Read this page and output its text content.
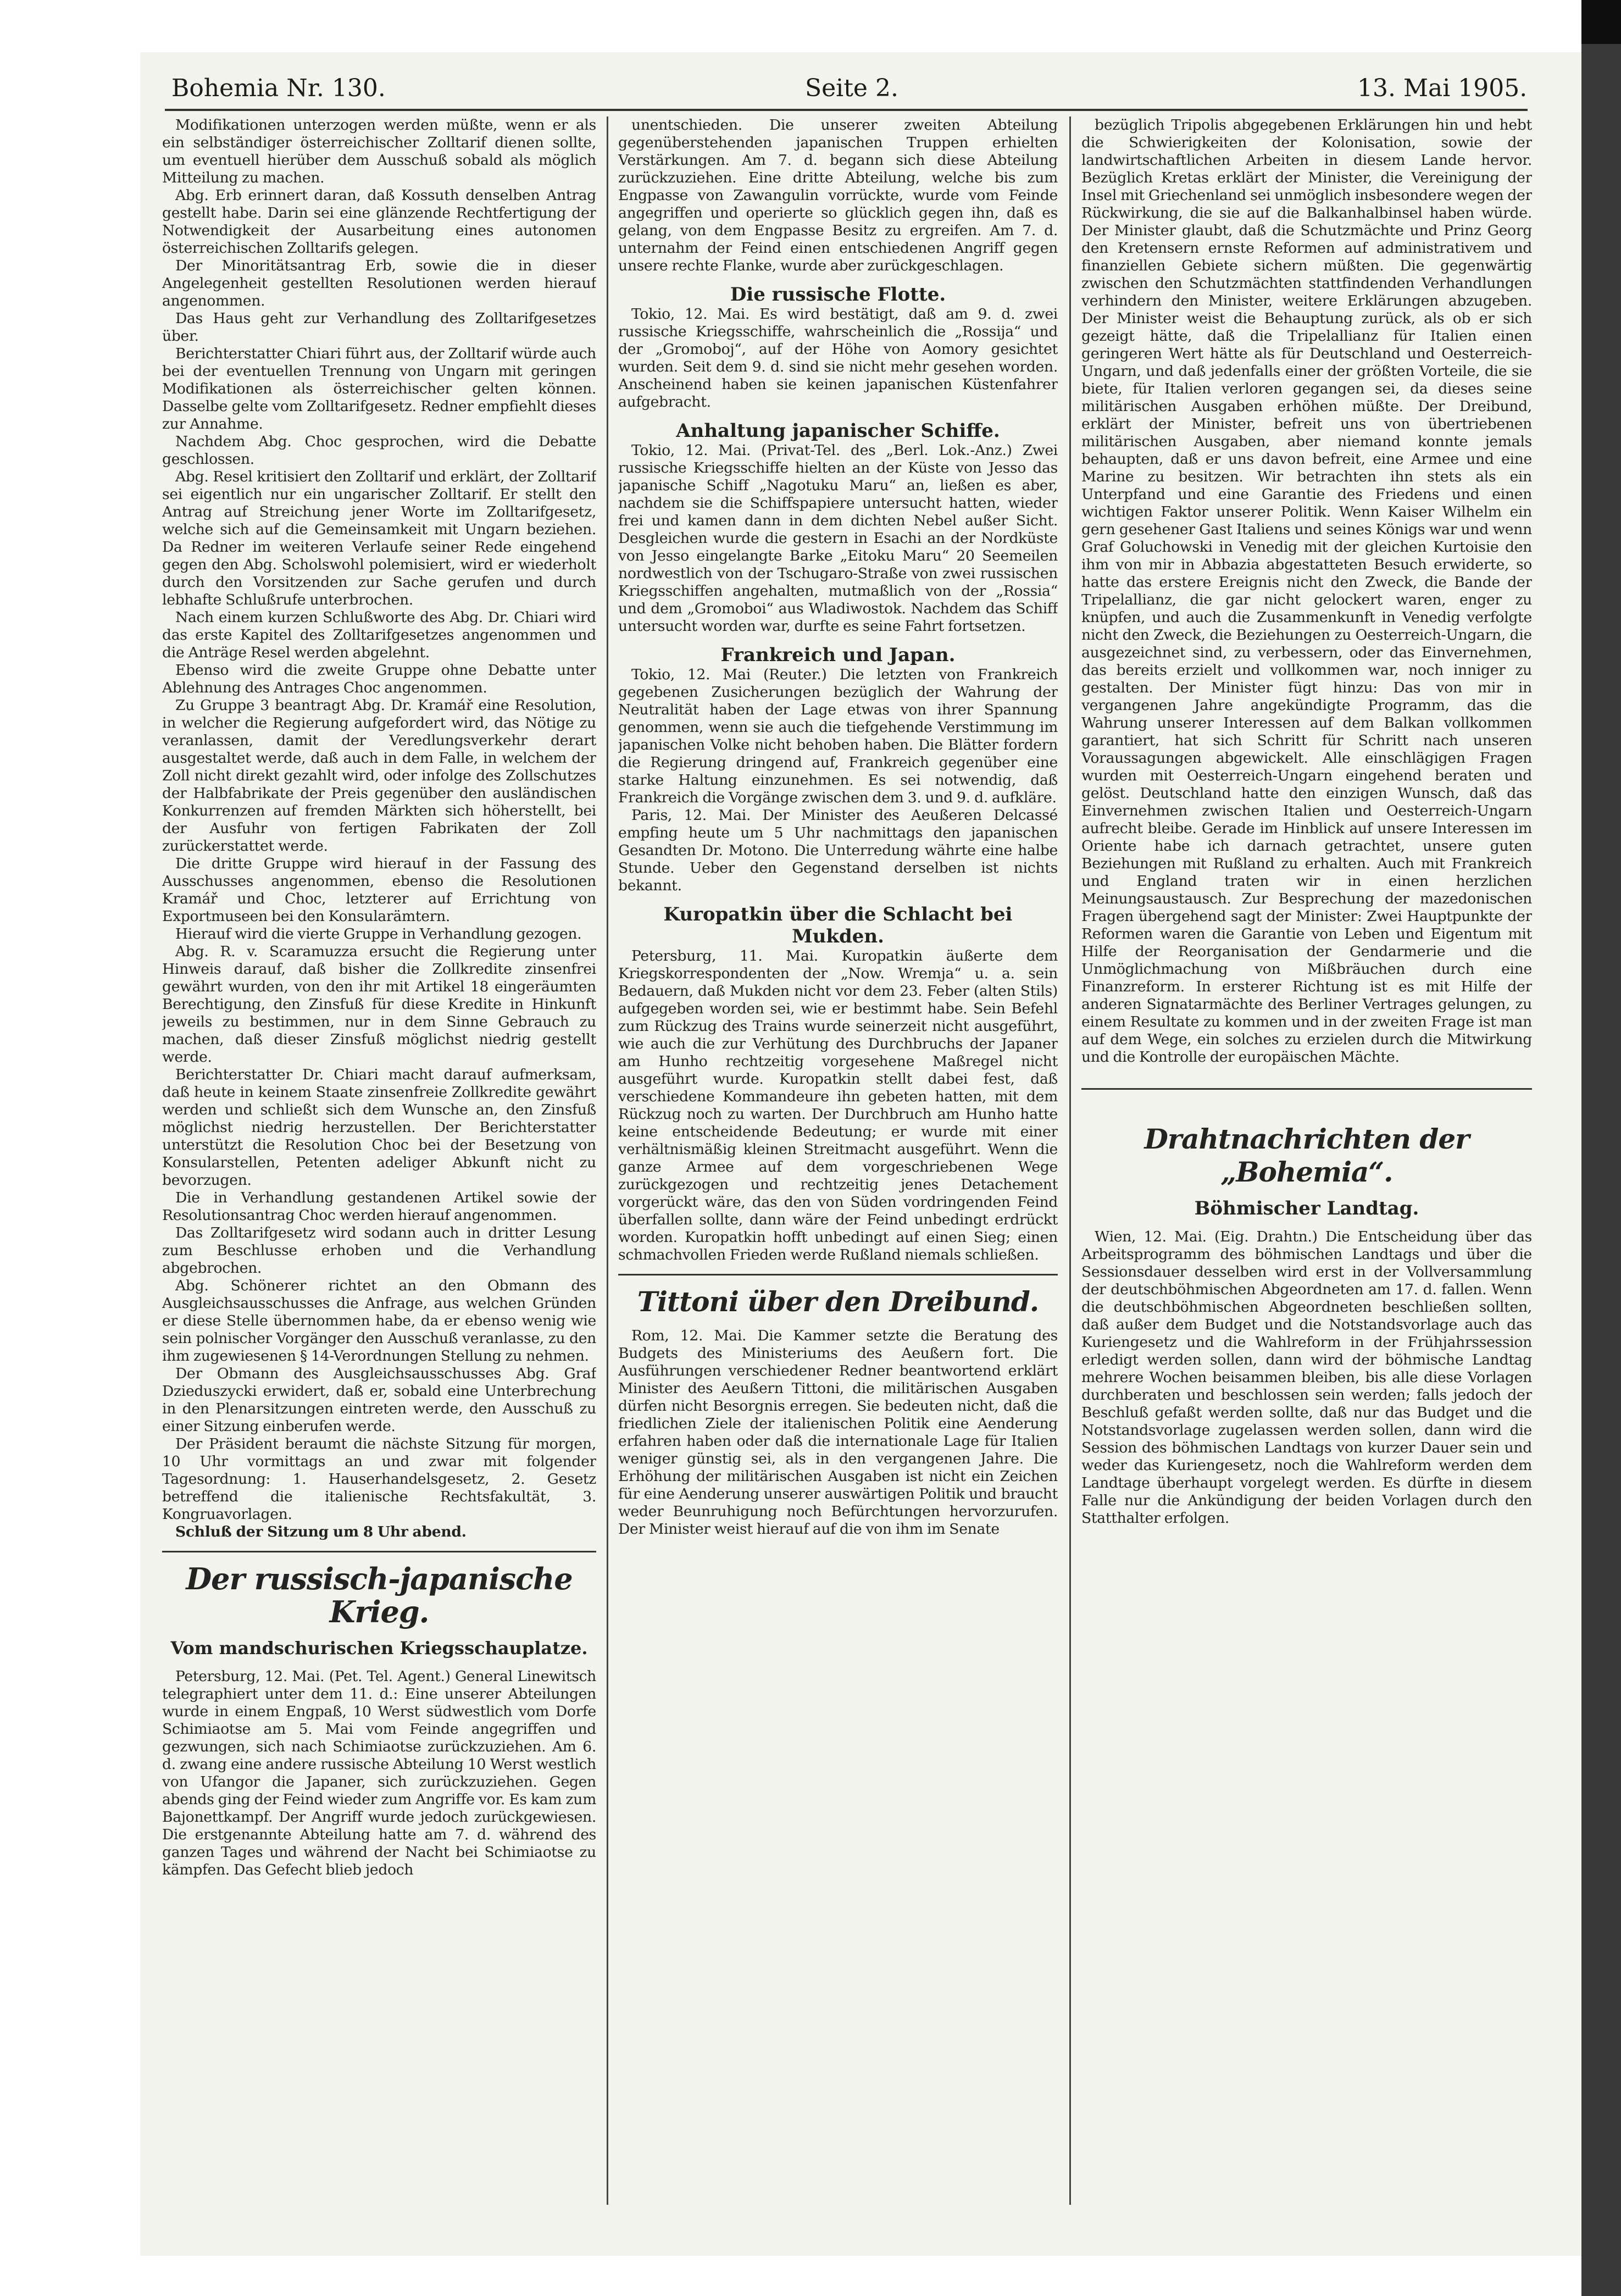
Bohemia Nr. 130.	Seite 2.	13. Mai 1905.

Modifikationen unterzogen werden müßte, wenn er als ein selbständiger österreichischer Zolltarif dienen sollte, um eventuell hierüber dem Ausschuß sobald als möglich Mitteilung zu machen.

Abg. Erb erinnert daran, daß Kossuth denselben Antrag gestellt habe. Darin sei eine glänzende Rechtfertigung der Notwendigkeit der Ausarbeitung eines autonomen österreichischen Zolltarifs gelegen.

Der Minoritätsantrag Erb, sowie die in dieser Angelegenheit gestellten Resolutionen werden hierauf angenommen.

Das Haus geht zur Verhandlung des Zolltarifgesetzes über.

Berichterstatter Chiari führt aus, der Zolltarif würde auch bei der eventuellen Trennung von Ungarn mit geringen Modifikationen als österreichischer gelten können. Dasselbe gelte vom Zolltarifgesetz. Redner empfiehlt dieses zur Annahme.

Nachdem Abg. Choc gesprochen, wird die Debatte geschlossen.

Abg. Resel kritisiert den Zolltarif und erklärt, der Zolltarif sei eigentlich nur ein ungarischer Zolltarif. Er stellt den Antrag auf Streichung jener Worte im Zolltarifgesetz, welche sich auf die Gemeinsamkeit mit Ungarn beziehen. Da Redner im weiteren Verlaufe seiner Rede eingehend gegen den Abg. Scholswohl polemisiert, wird er wiederholt durch den Vorsitzenden zur Sache gerufen und durch lebhafte Schlußrufe unterbrochen.

Nach einem kurzen Schlußworte des Abg. Dr. Chiari wird das erste Kapitel des Zolltarifgesetzes angenommen und die Anträge Resel werden abgelehnt.

Ebenso wird die zweite Gruppe ohne Debatte unter Ablehnung des Antrages Choc angenommen.

Zu Gruppe 3 beantragt Abg. Dr. Kramář eine Resolution, in welcher die Regierung aufgefordert wird, das Nötige zu veranlassen, damit der Veredlungsverkehr derart ausgestaltet werde, daß auch in dem Falle, in welchem der Zoll nicht direkt gezahlt wird, oder infolge des Zollschutzes der Halbfabrikate der Preis gegenüber den ausländischen Konkurrenzen auf fremden Märkten sich höherstellt, bei der Ausfuhr von fertigen Fabrikaten der Zoll zurückerstattet werde.

Die dritte Gruppe wird hierauf in der Fassung des Ausschusses angenommen, ebenso die Resolutionen Kramář und Choc, letzterer auf Errichtung von Exportmuseen bei den Konsularämtern.

Hierauf wird die vierte Gruppe in Verhandlung gezogen.

Abg. R. v. Scaramuzza ersucht die Regierung unter Hinweis darauf, daß bisher die Zollkredite zinsenfrei gewährt wurden, von den ihr mit Artikel 18 eingeräumten Berechtigung, den Zinsfuß für diese Kredite in Hinkunft jeweils zu bestimmen, nur in dem Sinne Gebrauch zu machen, daß dieser Zinsfuß möglichst niedrig gestellt werde.

Berichterstatter Dr. Chiari macht darauf aufmerksam, daß heute in keinem Staate zinsenfreie Zollkredite gewährt werden und schließt sich dem Wunsche an, den Zinsfuß möglichst niedrig herzustellen. Der Berichterstatter unterstützt die Resolution Choc bei der Besetzung von Konsularstellen, Petenten adeliger Abkunft nicht zu bevorzugen.

Die in Verhandlung gestandenen Artikel sowie der Resolutionsantrag Choc werden hierauf angenommen.

Das Zolltarifgesetz wird sodann auch in dritter Lesung zum Beschlusse erhoben und die Verhandlung abgebrochen.

Abg. Schönerer richtet an den Obmann des Ausgleichsausschusses die Anfrage, aus welchen Gründen er diese Stelle übernommen habe, da er ebenso wenig wie sein polnischer Vorgänger den Ausschuß veranlasse, zu den ihm zugewiesenen § 14-Verordnungen Stellung zu nehmen.

Der Obmann des Ausgleichsausschusses Abg. Graf Dzieduszycki erwidert, daß er, sobald eine Unterbrechung in den Plenarsitzungen eintreten werde, den Ausschuß zu einer Sitzung einberufen werde.

Der Präsident beraumt die nächste Sitzung für morgen, 10 Uhr vormittags an und zwar mit folgender Tagesordnung: 1. Hauserhandelsgesetz, 2. Gesetz betreffend die italienische Rechtsfakultät, 3. Kongruavorlagen.

Schluß der Sitzung um 8 Uhr abend.

Der russisch-japanische Krieg.
Vom mandschurischen Kriegsschauplatze.

Petersburg, 12. Mai. (Pet. Tel. Agent.) General Linewitsch telegraphiert unter dem 11. d.: Eine unserer Abteilungen wurde in einem Engpaß, 10 Werst südwestlich vom Dorfe Schimiaotse am 5. Mai vom Feinde angegriffen und gezwungen, sich nach Schimiaotse zurückzuziehen. Am 6. d. zwang eine andere russische Abteilung 10 Werst westlich von Ufangor die Japaner, sich zurückzuziehen. Gegen abends ging der Feind wieder zum Angriffe vor. Es kam zum Bajonettkampf. Der Angriff wurde jedoch zurückgewiesen. Die erstgenannte Abteilung hatte am 7. d. während des ganzen Tages und während der Nacht bei Schimiaotse zu kämpfen. Das Gefecht blieb jedoch

unentschieden. Die unserer zweiten Abteilung gegenüberstehenden japanischen Truppen erhielten Verstärkungen. Am 7. d. begann sich diese Abteilung zurückzuziehen. Eine dritte Abteilung, welche bis zum Engpasse von Zawangulin vorrückte, wurde vom Feinde angegriffen und operierte so glücklich gegen ihn, daß es gelang, von dem Engpasse Besitz zu ergreifen. Am 7. d. unternahm der Feind einen entschiedenen Angriff gegen unsere rechte Flanke, wurde aber zurückgeschlagen.

Die russische Flotte.

Tokio, 12. Mai. Es wird bestätigt, daß am 9. d. zwei russische Kriegsschiffe, wahrscheinlich die „Rossija“ und der „Gromoboj“, auf der Höhe von Aomory gesichtet wurden. Seit dem 9. d. sind sie nicht mehr gesehen worden. Anscheinend haben sie keinen japanischen Küstenfahrer aufgebracht.

Anhaltung japanischer Schiffe.

Tokio, 12. Mai. (Privat-Tel. des „Berl. Lok.-Anz.) Zwei russische Kriegsschiffe hielten an der Küste von Jesso das japanische Schiff „Nagotuku Maru“ an, ließen es aber, nachdem sie die Schiffspapiere untersucht hatten, wieder frei und kamen dann in dem dichten Nebel außer Sicht. Desgleichen wurde die gestern in Esachi an der Nordküste von Jesso eingelangte Barke „Eitoku Maru“ 20 Seemeilen nordwestlich von der Tschugaro-Straße von zwei russischen Kriegsschiffen angehalten, mutmaßlich von der „Rossia“ und dem „Gromoboi“ aus Wladiwostok. Nachdem das Schiff untersucht worden war, durfte es seine Fahrt fortsetzen.

Frankreich und Japan.

Tokio, 12. Mai (Reuter.) Die letzten von Frankreich gegebenen Zusicherungen bezüglich der Wahrung der Neutralität haben der Lage etwas von ihrer Spannung genommen, wenn sie auch die tiefgehende Verstimmung im japanischen Volke nicht behoben haben. Die Blätter fordern die Regierung dringend auf, Frankreich gegenüber eine starke Haltung einzunehmen. Es sei notwendig, daß Frankreich die Vorgänge zwischen dem 3. und 9. d. aufkläre.

Paris, 12. Mai. Der Minister des Aeußeren Delcassé empfing heute um 5 Uhr nachmittags den japanischen Gesandten Dr. Motono. Die Unterredung währte eine halbe Stunde. Ueber den Gegenstand derselben ist nichts bekannt.

Kuropatkin über die Schlacht bei Mukden.

Petersburg, 11. Mai. Kuropatkin äußerte dem Kriegskorrespondenten der „Now. Wremja“ u. a. sein Bedauern, daß Mukden nicht vor dem 23. Feber (alten Stils) aufgegeben worden sei, wie er bestimmt habe. Sein Befehl zum Rückzug des Trains wurde seinerzeit nicht ausgeführt, wie auch die zur Verhütung des Durchbruchs der Japaner am Hunho rechtzeitig vorgesehene Maßregel nicht ausgeführt wurde. Kuropatkin stellt dabei fest, daß verschiedene Kommandeure ihn gebeten hatten, mit dem Rückzug noch zu warten. Der Durchbruch am Hunho hatte keine entscheidende Bedeutung; er wurde mit einer verhältnismäßig kleinen Streitmacht ausgeführt. Wenn die ganze Armee auf dem vorgeschriebenen Wege zurückgezogen und rechtzeitig jenes Detachement vorgerückt wäre, das den von Süden vordringenden Feind überfallen sollte, dann wäre der Feind unbedingt erdrückt worden. Kuropatkin hofft unbedingt auf einen Sieg; einen schmachvollen Frieden werde Rußland niemals schließen.

Tittoni über den Dreibund.

Rom, 12. Mai. Die Kammer setzte die Beratung des Budgets des Ministeriums des Aeußern fort. Die Ausführungen verschiedener Redner beantwortend erklärt Minister des Aeußern Tittoni, die militärischen Ausgaben dürfen nicht Besorgnis erregen. Sie bedeuten nicht, daß die friedlichen Ziele der italienischen Politik eine Aenderung erfahren haben oder daß die internationale Lage für Italien weniger günstig sei, als in den vergangenen Jahre. Die Erhöhung der militärischen Ausgaben ist nicht ein Zeichen für eine Aenderung unserer auswärtigen Politik und braucht weder Beunruhigung noch Befürchtungen hervorzurufen. Der Minister weist hierauf auf die von ihm im Senate

bezüglich Tripolis abgegebenen Erklärungen hin und hebt die Schwierigkeiten der Kolonisation, sowie der landwirtschaftlichen Arbeiten in diesem Lande hervor. Bezüglich Kretas erklärt der Minister, die Vereinigung der Insel mit Griechenland sei unmöglich insbesondere wegen der Rückwirkung, die sie auf die Balkanhalbinsel haben würde. Der Minister glaubt, daß die Schutzmächte und Prinz Georg den Kretensern ernste Reformen auf administrativem und finanziellen Gebiete sichern müßten. Die gegenwärtig zwischen den Schutzmächten stattfindenden Verhandlungen verhindern den Minister, weitere Erklärungen abzugeben. Der Minister weist die Behauptung zurück, als ob er sich gezeigt hätte, daß die Tripelallianz für Italien einen geringeren Wert hätte als für Deutschland und Oesterreich-Ungarn, und daß jedenfalls einer der größten Vorteile, die sie biete, für Italien verloren gegangen sei, da dieses seine militärischen Ausgaben erhöhen müßte. Der Dreibund, erklärt der Minister, befreit uns von übertriebenen militärischen Ausgaben, aber niemand konnte jemals behaupten, daß er uns davon befreit, eine Armee und eine Marine zu besitzen. Wir betrachten ihn stets als ein Unterpfand und eine Garantie des Friedens und einen wichtigen Faktor unserer Politik. Wenn Kaiser Wilhelm ein gern gesehener Gast Italiens und seines Königs war und wenn Graf Goluchowski in Venedig mit der gleichen Kurtoisie den ihm von mir in Abbazia abgestatteten Besuch erwiderte, so hatte das erstere Ereignis nicht den Zweck, die Bande der Tripelallianz, die gar nicht gelockert waren, enger zu knüpfen, und auch die Zusammenkunft in Venedig verfolgte nicht den Zweck, die Beziehungen zu Oesterreich-Ungarn, die ausgezeichnet sind, zu verbessern, oder das Einvernehmen, das bereits erzielt und vollkommen war, noch inniger zu gestalten. Der Minister fügt hinzu: Das von mir in vergangenen Jahre angekündigte Programm, das die Wahrung unserer Interessen auf dem Balkan vollkommen garantiert, hat sich Schritt für Schritt nach unseren Voraussagungen abgewickelt. Alle einschlägigen Fragen wurden mit Oesterreich-Ungarn eingehend beraten und gelöst. Deutschland hatte den einzigen Wunsch, daß das Einvernehmen zwischen Italien und Oesterreich-Ungarn aufrecht bleibe. Gerade im Hinblick auf unsere Interessen im Oriente habe ich darnach getrachtet, unsere guten Beziehungen mit Rußland zu erhalten. Auch mit Frankreich und England traten wir in einen herzlichen Meinungsaustausch. Zur Besprechung der mazedonischen Fragen übergehend sagt der Minister: Zwei Hauptpunkte der Reformen waren die Garantie von Leben und Eigentum mit Hilfe der Reorganisation der Gendarmerie und die Unmöglichmachung von Mißbräuchen durch eine Finanzreform. In ersterer Richtung ist es mit Hilfe der anderen Signatarmächte des Berliner Vertrages gelungen, zu einem Resultate zu kommen und in der zweiten Frage ist man auf dem Wege, ein solches zu erzielen durch die Mitwirkung und die Kontrolle der europäischen Mächte.

Drahtnachrichten der „Bohemia“.
Böhmischer Landtag.

Wien, 12. Mai. (Eig. Drahtn.) Die Entscheidung über das Arbeitsprogramm des böhmischen Landtags und über die Sessionsdauer desselben wird erst in der Vollversammlung der deutschböhmischen Abgeordneten am 17. d. fallen. Wenn die deutschböhmischen Abgeordneten beschließen sollten, daß außer dem Budget und die Notstandsvorlage auch das Kuriengesetz und die Wahlreform in der Frühjahrssession erledigt werden sollen, dann wird der böhmische Landtag mehrere Wochen beisammen bleiben, bis alle diese Vorlagen durchberaten und beschlossen sein werden; falls jedoch der Beschluß gefaßt werden sollte, daß nur das Budget und die Notstandsvorlage zugelassen werden sollen, dann wird die Session des böhmischen Landtags von kurzer Dauer sein und weder das Kuriengesetz, noch die Wahlreform werden dem Landtage überhaupt vorgelegt werden. Es dürfte in diesem Falle nur die Ankündigung der beiden Vorlagen durch den Statthalter erfolgen.
